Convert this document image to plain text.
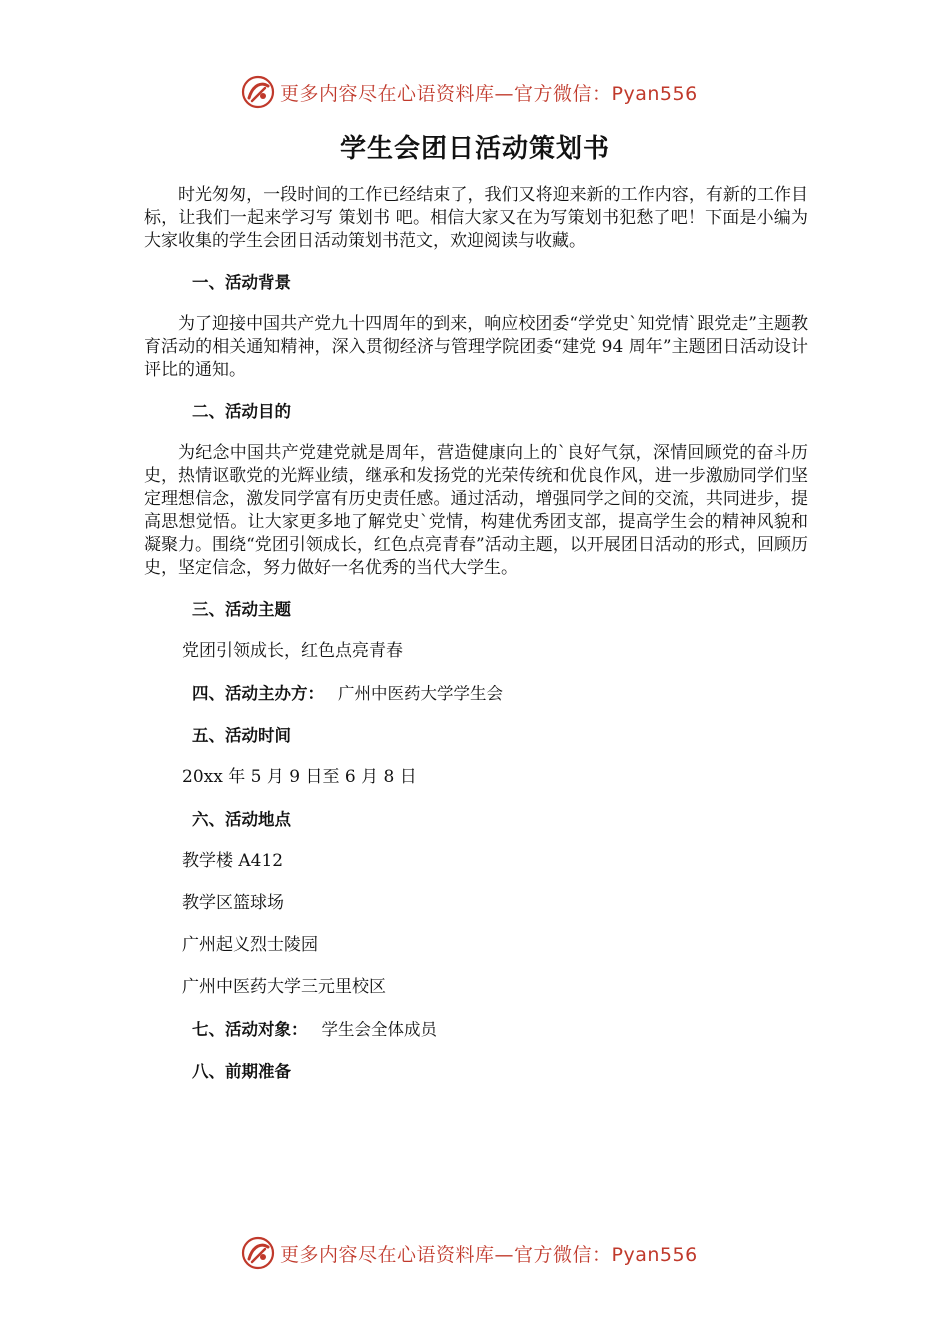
更多内容尽在心语资料库—官方微信：Pyan556
学生会团日活动策划书

时光匆匆，一段时间的工作已经结束了，我们又将迎来新的工作内容，有新的工作目标，让我们一起来学习写 策划书 吧。相信大家又在为写策划书犯愁了吧！下面是小编为大家收集的学生会团日活动策划书范文，欢迎阅读与收藏。

一、活动背景

为了迎接中国共产党九十四周年的到来，响应校团委“学党史`知党情`跟党走”主题教育活动的相关通知精神，深入贯彻经济与管理学院团委“建党 94 周年”主题团日活动设计评比的通知。

二、活动目的

为纪念中国共产党建党就是周年，营造健康向上的`良好气氛，深情回顾党的奋斗历史，热情讴歌党的光辉业绩，继承和发扬党的光荣传统和优良作风，进一步激励同学们坚定理想信念，激发同学富有历史责任感。通过活动，增强同学之间的交流，共同进步，提高思想觉悟。让大家更多地了解党史`党情，构建优秀团支部，提高学生会的精神风貌和凝聚力。围绕“党团引领成长，红色点亮青春”活动主题，以开展团日活动的形式，回顾历史，坚定信念，努力做好一名优秀的当代大学生。

三、活动主题

党团引领成长，红色点亮青春

四、活动主办方： 广州中医药大学学生会

五、活动时间

20xx 年 5 月 9 日至 6 月 8 日

六、活动地点

教学楼 A412

教学区篮球场

广州起义烈士陵园

广州中医药大学三元里校区

七、活动对象： 学生会全体成员

八、前期准备

更多内容尽在心语资料库—官方微信：Pyan556
